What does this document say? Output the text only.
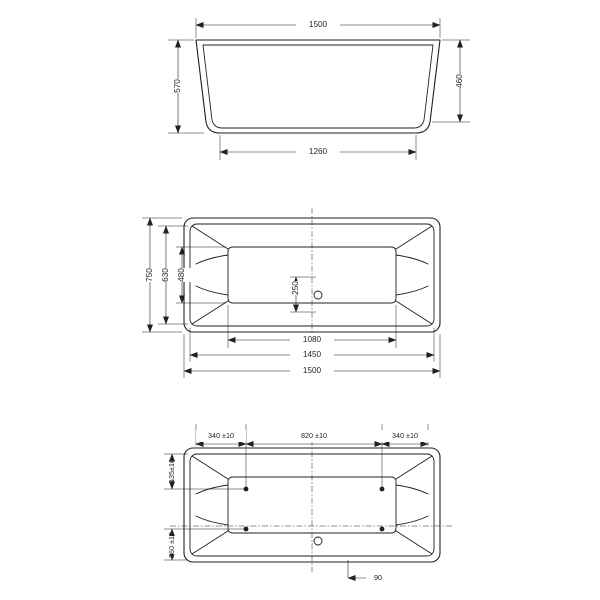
1500
570	460
1260
750 630 480
250
1080
1450
1500
340 ±10	820 ±10	340 ±10
135±10
360 ±10
90
